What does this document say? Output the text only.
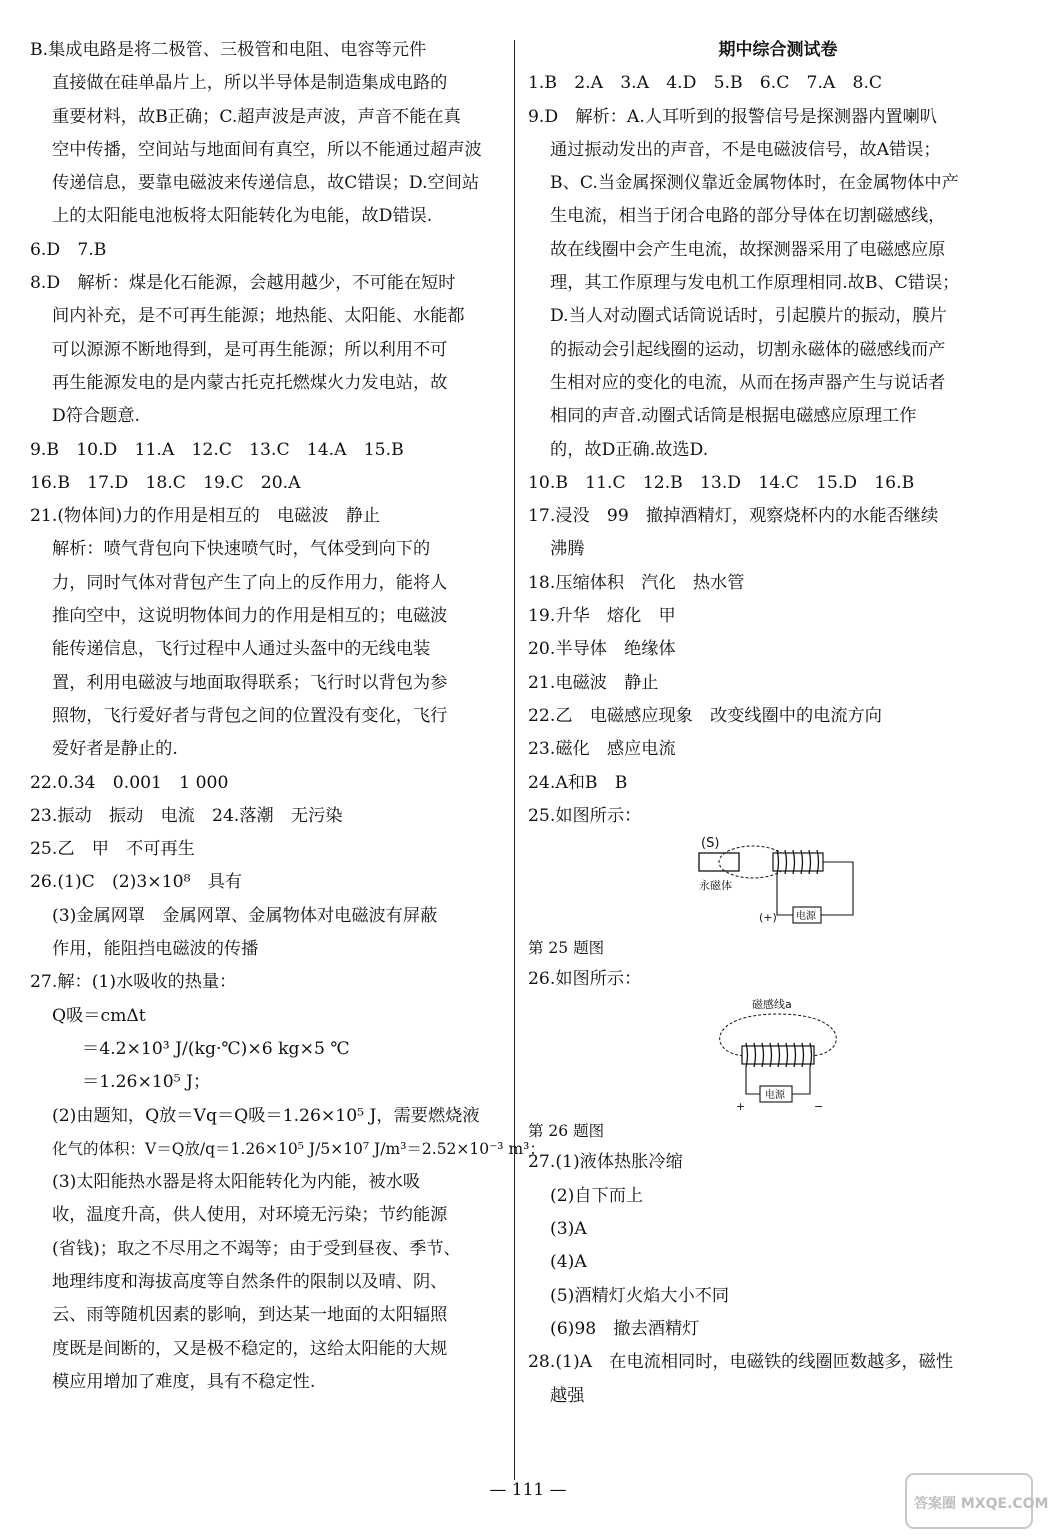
B.集成电路是将二极管、三极管和电阻、电容等元件
直接做在硅单晶片上，所以半导体是制造集成电路的
重要材料，故B正确；C.超声波是声波，声音不能在真
空中传播，空间站与地面间有真空，所以不能通过超声波
传递信息，要靠电磁波来传递信息，故C错误；D.空间站
上的太阳能电池板将太阳能转化为电能，故D错误.
6.D　7.B
8.D　解析：煤是化石能源，会越用越少，不可能在短时
间内补充，是不可再生能源；地热能、太阳能、水能都
可以源源不断地得到，是可再生能源；所以利用不可
再生能源发电的是内蒙古托克托燃煤火力发电站，故
D符合题意.
9.B　10.D　11.A　12.C　13.C　14.A　15.B
16.B　17.D　18.C　19.C　20.A
21.(物体间)力的作用是相互的　电磁波　静止
解析：喷气背包向下快速喷气时，气体受到向下的
力，同时气体对背包产生了向上的反作用力，能将人
推向空中，这说明物体间力的作用是相互的；电磁波
能传递信息，飞行过程中人通过头盔中的无线电装
置，利用电磁波与地面取得联系；飞行时以背包为参
照物，飞行爱好者与背包之间的位置没有变化，飞行
爱好者是静止的.
22.0.34　0.001　1 000
23.振动　振动　电流　24.落潮　无污染
25.乙　甲　不可再生
26.(1)C　(2)3×10⁸　具有
(3)金属网罩　金属网罩、金属物体对电磁波有屏蔽
作用，能阻挡电磁波的传播
27.解：(1)水吸收的热量：
Q吸＝cmΔt
＝4.2×10³ J/(kg·℃)×6 kg×5 ℃
＝1.26×10⁵ J；
(2)由题知，Q放＝Vq＝Q吸＝1.26×10⁵ J，需要燃烧液
化气的体积：V＝Q放/q＝1.26×10⁵ J/5×10⁷ J/m³＝2.52×10⁻³ m³；
(3)太阳能热水器是将太阳能转化为内能，被水吸
收，温度升高，供人使用，对环境无污染；节约能源
(省钱)；取之不尽用之不竭等；由于受到昼夜、季节、
地理纬度和海拔高度等自然条件的限制以及晴、阴、
云、雨等随机因素的影响，到达某一地面的太阳辐照
度既是间断的，又是极不稳定的，这给太阳能的大规
模应用增加了难度，具有不稳定性.
期中综合测试卷
1.B　2.A　3.A　4.D　5.B　6.C　7.A　8.C
9.D　解析：A.人耳听到的报警信号是探测器内置喇叭
通过振动发出的声音，不是电磁波信号，故A错误；
B、C.当金属探测仪靠近金属物体时，在金属物体中产
生电流，相当于闭合电路的部分导体在切割磁感线，
故在线圈中会产生电流，故探测器采用了电磁感应原
理，其工作原理与发电机工作原理相同.故B、C错误；
D.当人对动圈式话筒说话时，引起膜片的振动，膜片
的振动会引起线圈的运动，切割永磁体的磁感线而产
生相对应的变化的电流，从而在扬声器产生与说话者
相同的声音.动圈式话筒是根据电磁感应原理工作
的，故D正确.故选D.
10.B　11.C　12.B　13.D　14.C　15.D　16.B
17.浸没　99　撤掉酒精灯，观察烧杯内的水能否继续
沸腾
18.压缩体积　汽化　热水管
19.升华　熔化　甲
20.半导体　绝缘体
21.电磁波　静止
22.乙　电磁感应现象　改变线圈中的电流方向
23.磁化　感应电流
24.A和B　B
25.如图所示：
(S)
永磁体
电源
(+)
第 25 题图
26.如图所示：
磁感线a
电源
+	−
第 26 题图
27.(1)液体热胀冷缩
(2)自下而上
(3)A
(4)A
(5)酒精灯火焰大小不同
(6)98　撤去酒精灯
28.(1)A　在电流相同时，电磁铁的线圈匝数越多，磁性
越强
— 111 —
答案圈 MXQE.COM
